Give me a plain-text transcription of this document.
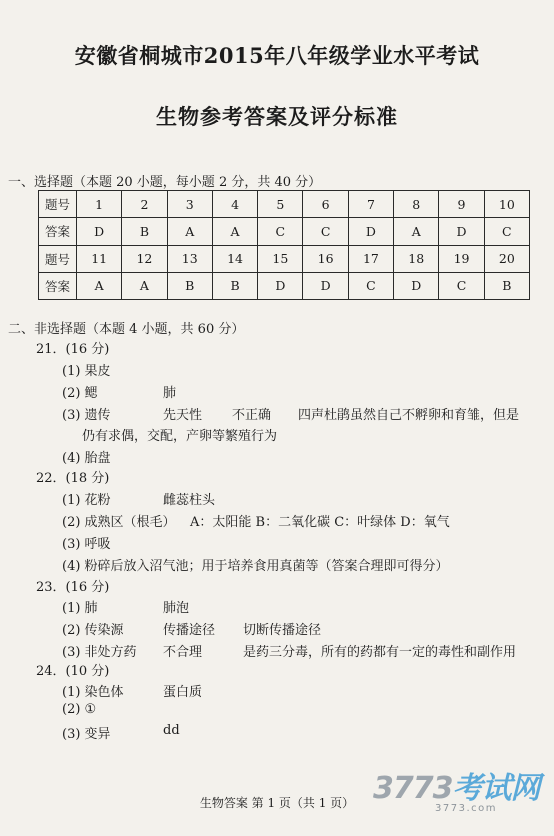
安徽省桐城市2015年八年级学业水平考试
生物参考答案及评分标准
一、选择题（本题 20 小题，每小题 2 分，共 40 分）
题号	1	2	3	4	5	6	7	8	9	10
答案	D	B	A	A	C	C	D	A	D	C
题号	11	12	13	14	15	16	17	18	19	20
答案	A	A	B	B	D	D	C	D	C	B
二、非选择题（本题 4 小题，共 60 分）
21．(16 分)
(1) 果皮
(2) 鳃	肺
(3) 遗传	先天性 不正确 四声杜鹃虽然自己不孵卵和育雏，但是
仍有求偶，交配，产卵等繁殖行为
(4) 胎盘
22．(18 分)
(1) 花粉	雌蕊柱头
(2) 成熟区（根毛） A：太阳能 B：二氧化碳 C：叶绿体 D：氧气
(3) 呼吸
(4) 粉碎后放入沼气池；用于培养食用真菌等（答案合理即可得分）
23．(16 分)
(1) 肺	肺泡
(2) 传染源	传播途径 切断传播途径
(3) 非处方药 不合理	是药三分毒，所有的药都有一定的毒性和副作用
24．(10 分)
(1) 染色体	蛋白质
(2) ①
(3) 变异	dd
生物答案 第 1 页（共 1 页） 3773考试网
3773.com
